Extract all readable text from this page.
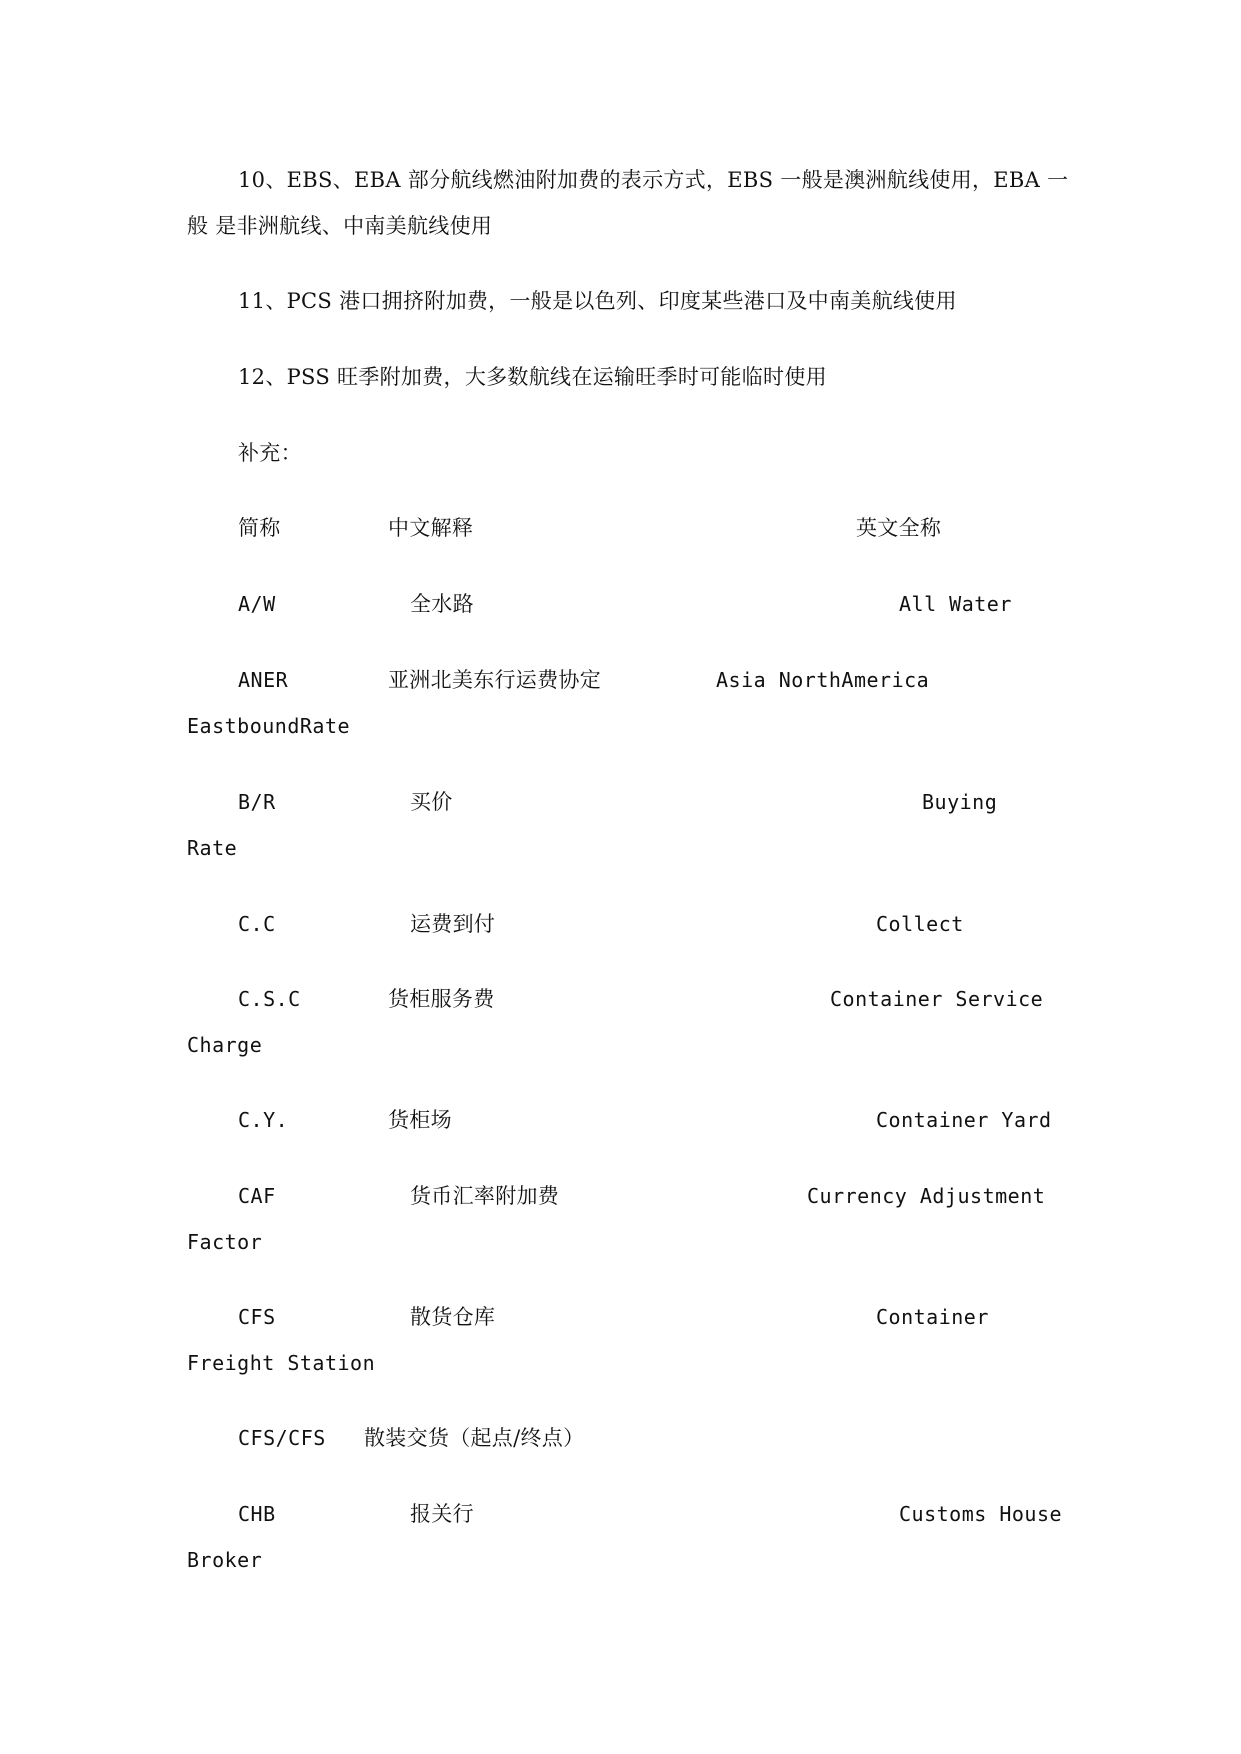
10、EBS、EBA 部分航线燃油附加费的表示方式，EBS 一般是澳洲航线使用，EBA 一
般 是非洲航线、中南美航线使用
11、PCS 港口拥挤附加费，一般是以色列、印度某些港口及中南美航线使用
12、PSS 旺季附加费，大多数航线在运输旺季时可能临时使用
补充：
简称	中文解释	英文全称
A/W	全水路	All Water
ANER	亚洲北美东行运费协定	Asia NorthAmerica
EastboundRate
B/R	买价	Buying
Rate
C.C	运费到付	Collect
C.S.C	货柜服务费	Container Service
Charge
C.Y.	货柜场	Container Yard
CAF	货币汇率附加费	Currency Adjustment
Factor
CFS	散货仓库	Container
Freight Station
CFS/CFS 散装交货（起点/终点）
CHB	报关行	Customs House
Broker
